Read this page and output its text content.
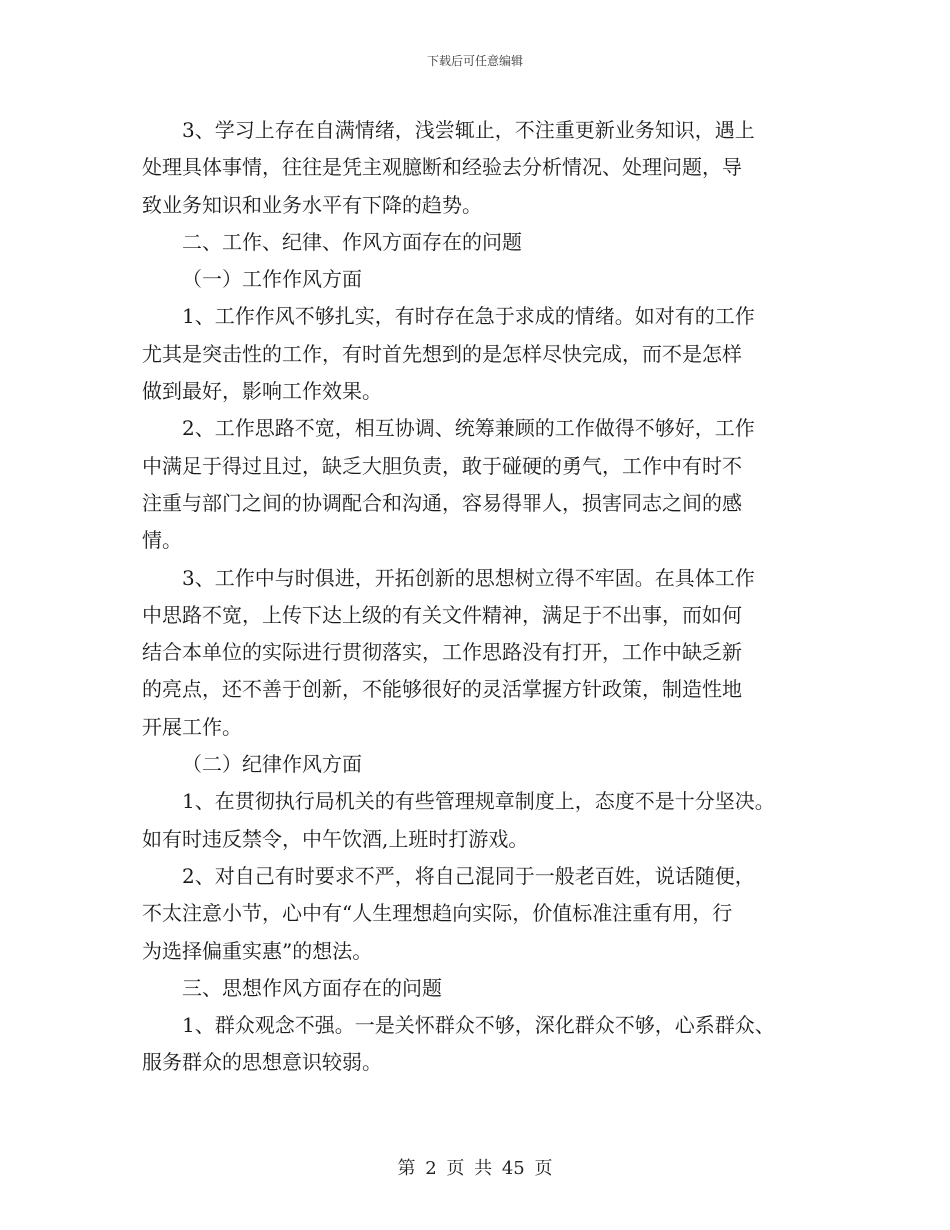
下载后可任意编辑
3、学习上存在自满情绪，浅尝辄止，不注重更新业务知识，遇上
处理具体事情，往往是凭主观臆断和经验去分析情况、处理问题，导
致业务知识和业务水平有下降的趋势。
二、工作、纪律、作风方面存在的问题
（一）工作作风方面
1、工作作风不够扎实，有时存在急于求成的情绪。如对有的工作
尤其是突击性的工作，有时首先想到的是怎样尽快完成，而不是怎样
做到最好，影响工作效果。
2、工作思路不宽，相互协调、统筹兼顾的工作做得不够好，工作
中满足于得过且过，缺乏大胆负责，敢于碰硬的勇气，工作中有时不
注重与部门之间的协调配合和沟通，容易得罪人，损害同志之间的感
情。
3、工作中与时俱进，开拓创新的思想树立得不牢固。在具体工作
中思路不宽，上传下达上级的有关文件精神，满足于不出事，而如何
结合本单位的实际进行贯彻落实，工作思路没有打开，工作中缺乏新
的亮点，还不善于创新，不能够很好的灵活掌握方针政策，制造性地
开展工作。
（二）纪律作风方面
1、在贯彻执行局机关的有些管理规章制度上，态度不是十分坚决。
如有时违反禁令，中午饮酒,上班时打游戏。
2、对自己有时要求不严，将自己混同于一般老百姓，说话随便，
不太注意小节，心中有“人生理想趋向实际，价值标准注重有用，行
为选择偏重实惠”的想法。
三、思想作风方面存在的问题
1、群众观念不强。一是关怀群众不够，深化群众不够，心系群众、
服务群众的思想意识较弱。
第 2 页 共 45 页
